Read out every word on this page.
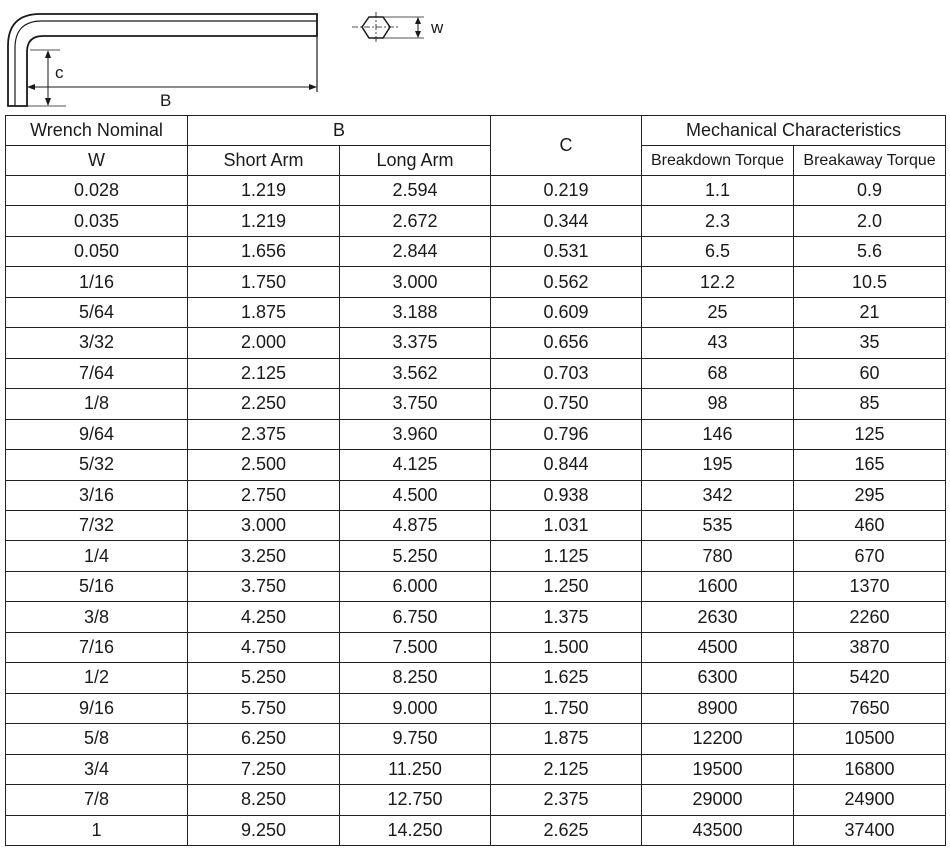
c
B
w
Wrench Nominal	B		C	Mechanical Characteristics	
W	Short Arm	Long Arm		Breakdown Torque	Breakaway Torque
0.028	1.219	2.594	0.219	1.1	0.9
0.035	1.219	2.672	0.344	2.3	2.0
0.050	1.656	2.844	0.531	6.5	5.6
1/16	1.750	3.000	0.562	12.2	10.5
5/64	1.875	3.188	0.609	25	21
3/32	2.000	3.375	0.656	43	35
7/64	2.125	3.562	0.703	68	60
1/8	2.250	3.750	0.750	98	85
9/64	2.375	3.960	0.796	146	125
5/32	2.500	4.125	0.844	195	165
3/16	2.750	4.500	0.938	342	295
7/32	3.000	4.875	1.031	535	460
1/4	3.250	5.250	1.125	780	670
5/16	3.750	6.000	1.250	1600	1370
3/8	4.250	6.750	1.375	2630	2260
7/16	4.750	7.500	1.500	4500	3870
1/2	5.250	8.250	1.625	6300	5420
9/16	5.750	9.000	1.750	8900	7650
5/8	6.250	9.750	1.875	12200	10500
3/4	7.250	11.250	2.125	19500	16800
7/8	8.250	12.750	2.375	29000	24900
1	9.250	14.250	2.625	43500	37400
